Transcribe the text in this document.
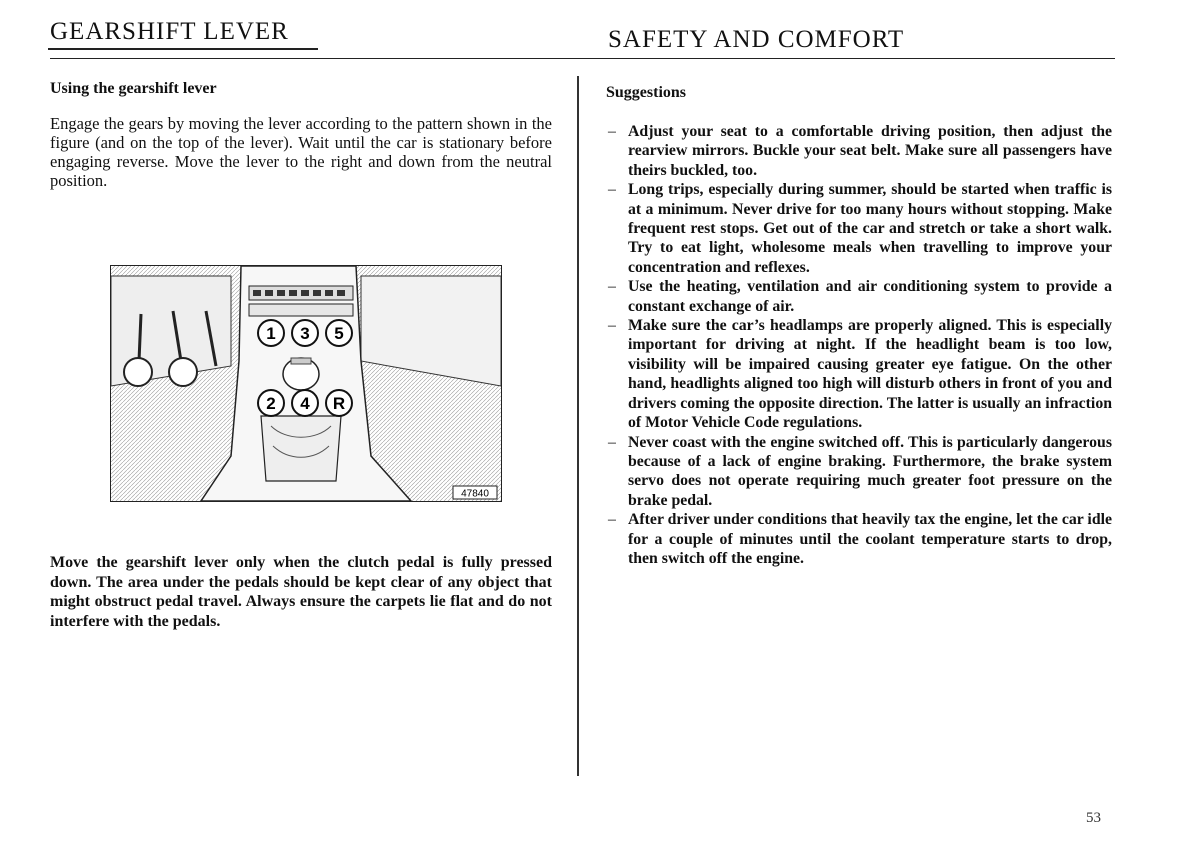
GEARSHIFT LEVER	SAFETY AND COMFORT

Using the gearshift lever

Engage the gears by moving the lever according to the pattern shown in the figure (and on the top of the lever). Wait until the car is stationary before engaging reverse. Move the lever to the right and down from the neutral position.

1 3 5
2 4 R
47840

Move the gearshift lever only when the clutch pedal is fully pressed down. The area under the pedals should be kept clear of any object that might obstruct pedal travel. Always ensure the carpets lie flat and do not interfere with the pedals.

Suggestions

– Adjust your seat to a comfortable driving position, then adjust the rearview mirrors. Buckle your seat belt. Make sure all passengers have theirs buckled, too.
– Long trips, especially during summer, should be started when traffic is at a minimum. Never drive for too many hours without stopping. Make frequent rest stops. Get out of the car and stretch or take a short walk. Try to eat light, wholesome meals when travelling to improve your concentration and reflexes.
– Use the heating, ventilation and air conditioning system to provide a constant exchange of air.
– Make sure the car’s headlamps are properly aligned. This is especially important for driving at night. If the headlight beam is too low, visibility will be impaired causing greater eye fatigue. On the other hand, headlights aligned too high will disturb others in front of you and drivers coming the opposite direction. The latter is usually an infraction of Motor Vehicle Code regulations.
– Never coast with the engine switched off. This is particularly dangerous because of a lack of engine braking. Furthermore, the brake system servo does not operate requiring much greater foot pressure on the brake pedal.
– After driver under conditions that heavily tax the engine, let the car idle for a couple of minutes until the coolant temperature starts to drop, then switch off the engine.
53
